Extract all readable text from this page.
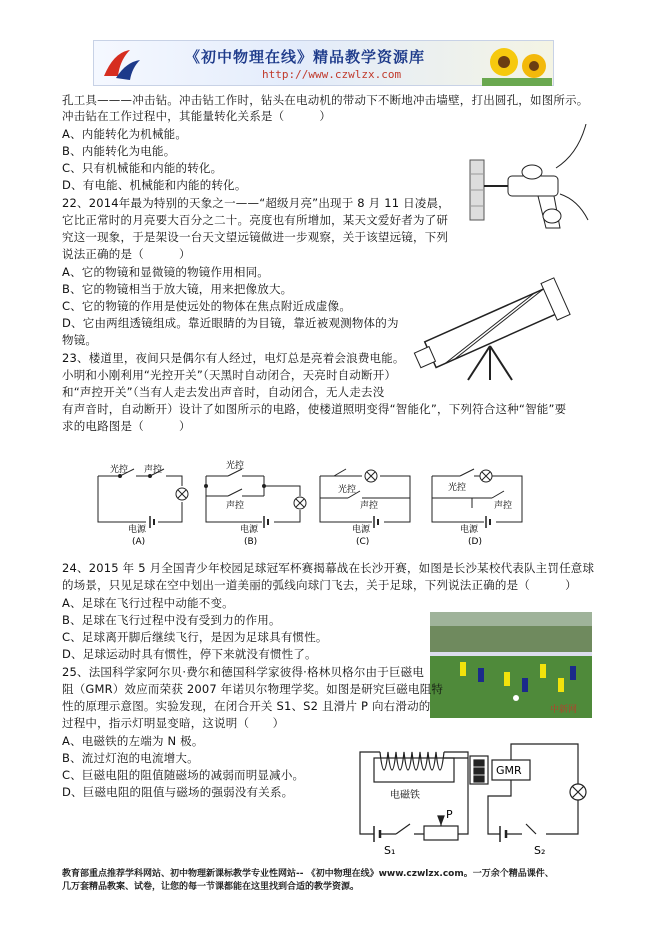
《初中物理在线》精品教学资源库
http://www.czwlzx.com
孔工具———冲击钻。冲击钻工作时，钻头在电动机的带动下不断地冲击墙壁，打出圆孔，如图所示。
冲击钻在工作过程中，其能量转化关系是（　　　）
A、内能转化为机械能。
B、内能转化为电能。
C、只有机械能和内能的转化。
D、有电能、机械能和内能的转化。
22、2014年最为特别的天象之一——“超级月亮”出现于 8 月 11 日凌晨，
它比正常时的月亮要大百分之二十。亮度也有所增加，某天文爱好者为了研
究这一现象，于是架设一台天文望远镜做进一步观察，关于该望远镜，下列
说法正确的是（　　　）
A、它的物镜和显微镜的物镜作用相同。
B、它的物镜相当于放大镜，用来把像放大。
C、它的物镜的作用是使远处的物体在焦点附近成虚像。
D、它由两组透镜组成。靠近眼睛的为目镜，靠近被观测物体的为
物镜。
23、楼道里，夜间只是偶尔有人经过，电灯总是亮着会浪费电能。
小明和小刚利用“光控开关”（天黑时自动闭合，天亮时自动断开）
和“声控开关”（当有人走去发出声音时，自动闭合，无人走去没
有声音时，自动断开）设计了如图所示的电路，使楼道照明变得“智能化”，下列符合这种“智能”要
求的电路图是（　　　）
光控 声控
电源
(A)
光控
声控
电源
(B)
光控
声控
电源
(C)
光控
声控
电源
(D)
24、2015 年 5 月全国青少年校园足球冠军杯赛揭幕战在长沙开赛，如图是长沙某校代表队主罚任意球
的场景，只见足球在空中划出一道美丽的弧线向球门飞去，关于足球，下列说法正确的是（　　　）
A、足球在飞行过程中动能不变。
B、足球在飞行过程中没有受到力的作用。
C、足球离开脚后继续飞行，是因为足球具有惯性。
D、足球运动时具有惯性，停下来就没有惯性了。
中新网
25、法国科学家阿尔贝·费尔和德国科学家彼得·格林贝格尔由于巨磁电
阻（GMR）效应而荣获 2007 年诺贝尔物理学奖。如图是研究巨磁电阻特
性的原理示意图。实验发现，在闭合开关 S1、S2 且滑片 P 向右滑动的
过程中，指示灯明显变暗，这说明（　　）
A、电磁铁的左端为 N 极。
B、流过灯泡的电流增大。
C、巨磁电阻的阻值随磁场的减弱而明显减小。
D、巨磁电阻的阻值与磁场的强弱没有关系。	电磁铁
GMR
P
S₁	S₂
教育部重点推荐学科网站、初中物理新课标教学专业性网站-- 《初中物理在线》www.czwlzx.com。一万余个精品课件、
几万套精品教案、试卷，让您的每一节课都能在这里找到合适的教学资源。
